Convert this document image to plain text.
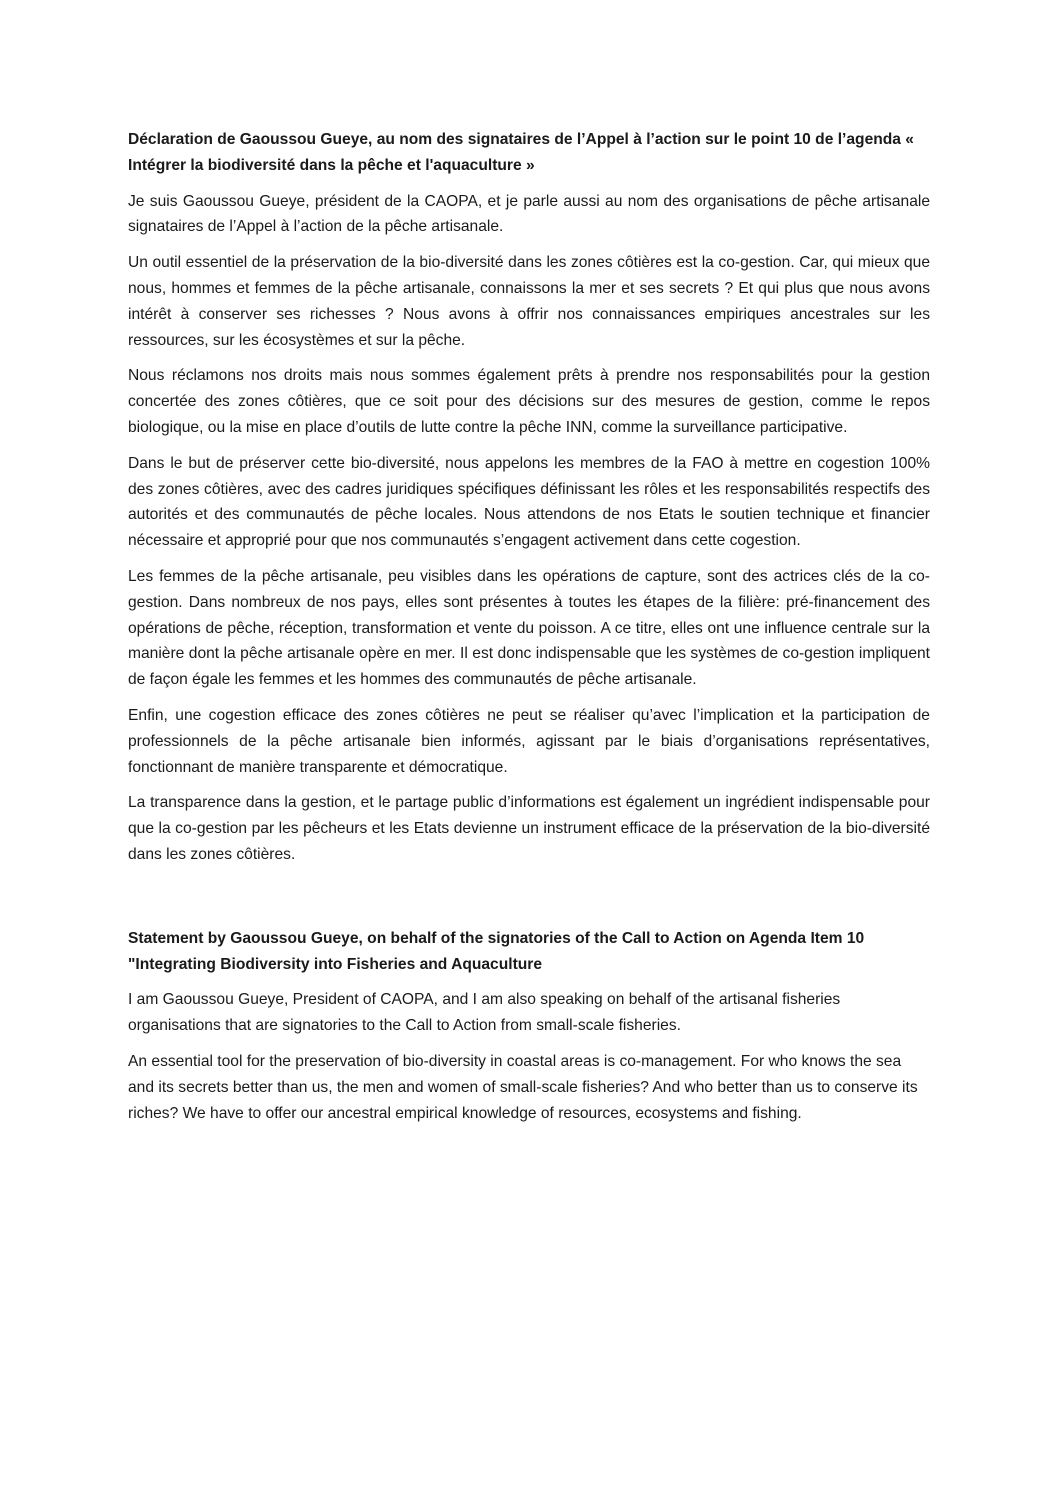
Déclaration de Gaoussou Gueye, au nom des signataires de l’Appel à l’action sur le point 10 de l’agenda « Intégrer la biodiversité dans la pêche et l'aquaculture »

Je suis Gaoussou Gueye, président de la CAOPA, et je parle aussi au nom des organisations de pêche artisanale signataires de l’Appel à l’action de la pêche artisanale.

Un outil essentiel de la préservation de la bio-diversité dans les zones côtières est la co-gestion. Car, qui mieux que nous, hommes et femmes de la pêche artisanale, connaissons la mer et ses secrets ? Et qui plus que nous avons intérêt à conserver ses richesses ? Nous avons à offrir nos connaissances empiriques ancestrales sur les ressources, sur les écosystèmes et sur la pêche.

Nous réclamons nos droits mais nous sommes également prêts à prendre nos responsabilités pour la gestion concertée des zones côtières, que ce soit pour des décisions sur des mesures de gestion, comme le repos biologique, ou la mise en place d’outils de lutte contre la pêche INN, comme la surveillance participative.

Dans le but de préserver cette bio-diversité, nous appelons les membres de la FAO à mettre en cogestion 100% des zones côtières, avec des cadres juridiques spécifiques définissant les rôles et les responsabilités respectifs des autorités et des communautés de pêche locales. Nous attendons de nos Etats le soutien technique et financier nécessaire et approprié pour que nos communautés s’engagent activement dans cette cogestion.

Les femmes de la pêche artisanale, peu visibles dans les opérations de capture, sont des actrices clés de la co-gestion. Dans nombreux de nos pays, elles sont présentes à toutes les étapes de la filière: pré-financement des opérations de pêche, réception, transformation et vente du poisson. A ce titre, elles ont une influence centrale sur la manière dont la pêche artisanale opère en mer. Il est donc indispensable que les systèmes de co-gestion impliquent de façon égale les femmes et les hommes des communautés de pêche artisanale.

Enfin, une cogestion efficace des zones côtières ne peut se réaliser qu’avec l’implication et la participation de professionnels de la pêche artisanale bien informés, agissant par le biais d’organisations représentatives, fonctionnant de manière transparente et démocratique.

La transparence dans la gestion, et le partage public d’informations est également un ingrédient indispensable pour que la co-gestion par les pêcheurs et les Etats devienne un instrument efficace de la préservation de la bio-diversité dans les zones côtières.

Statement by Gaoussou Gueye, on behalf of the signatories of the Call to Action on Agenda Item 10 "Integrating Biodiversity into Fisheries and Aquaculture

I am Gaoussou Gueye, President of CAOPA, and I am also speaking on behalf of the artisanal fisheries organisations that are signatories to the Call to Action from small-scale fisheries.

An essential tool for the preservation of bio-diversity in coastal areas is co-management. For who knows the sea and its secrets better than us, the men and women of small-scale fisheries? And who better than us to conserve its riches? We have to offer our ancestral empirical knowledge of resources, ecosystems and fishing.
